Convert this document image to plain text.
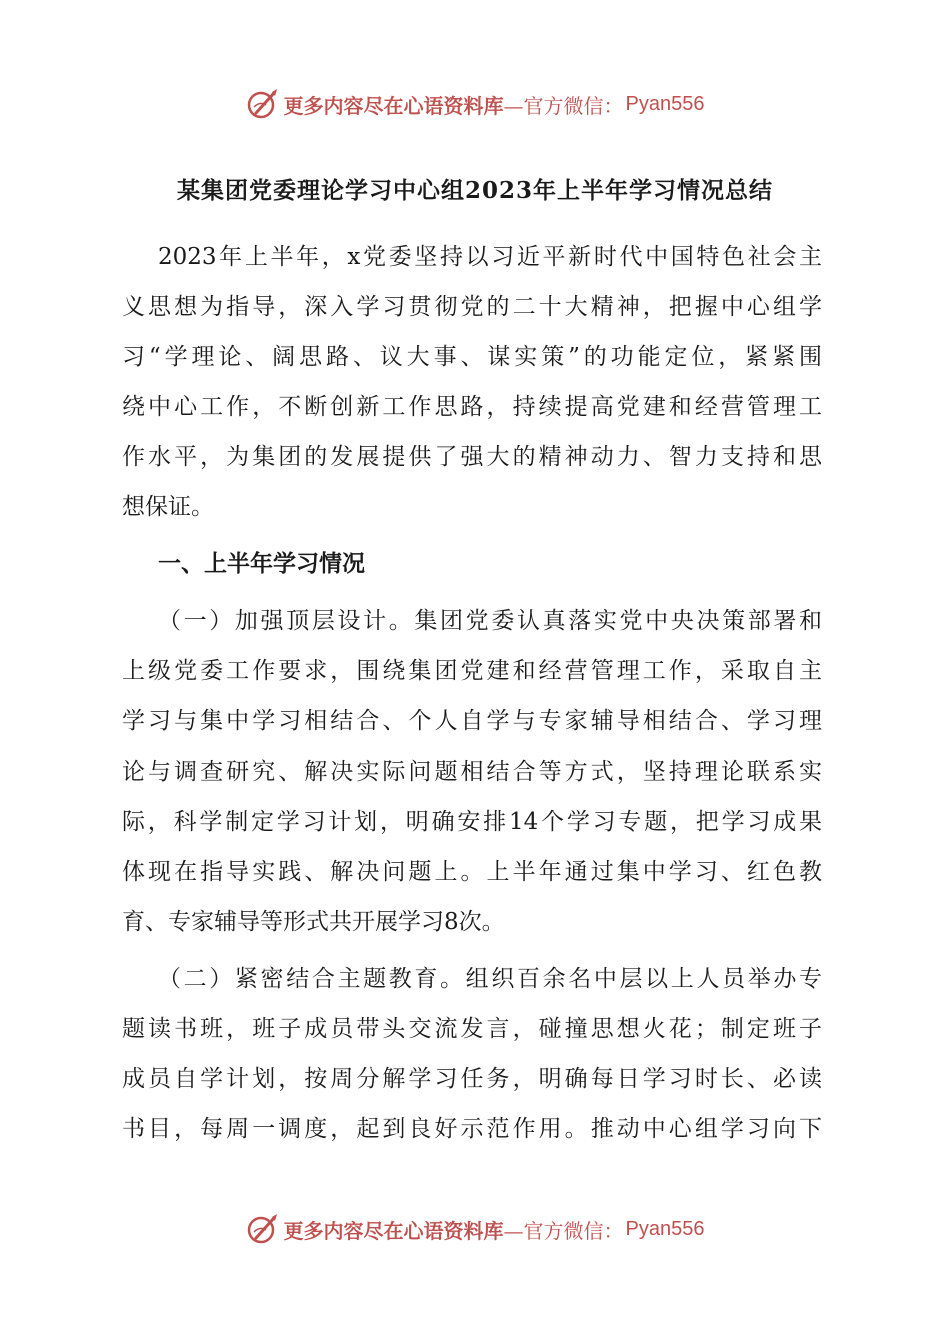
更多内容尽在心语资料库 —官方微信： Pyan556
某集团党委理论学习中心组2023年上半年学习情况总结
2023年上半年，x党委坚持以习近平新时代中国特色社会主
义思想为指导，深入学习贯彻党的二十大精神，把握中心组学
习“学理论、阔思路、议大事、谋实策”的功能定位，紧紧围
绕中心工作，不断创新工作思路，持续提高党建和经营管理工
作水平，为集团的发展提供了强大的精神动力、智力支持和思
想保证。
一、上半年学习情况
（一）加强顶层设计。集团党委认真落实党中央决策部署和
上级党委工作要求，围绕集团党建和经营管理工作，采取自主
学习与集中学习相结合、个人自学与专家辅导相结合、学习理
论与调查研究、解决实际问题相结合等方式，坚持理论联系实
际，科学制定学习计划，明确安排14个学习专题，把学习成果
体现在指导实践、解决问题上。上半年通过集中学习、红色教
育、专家辅导等形式共开展学习8次。
（二）紧密结合主题教育。组织百余名中层以上人员举办专
题读书班，班子成员带头交流发言，碰撞思想火花；制定班子
成员自学计划，按周分解学习任务，明确每日学习时长、必读
书目，每周一调度，起到良好示范作用。推动中心组学习向下
更多内容尽在心语资料库 —官方微信： Pyan556
